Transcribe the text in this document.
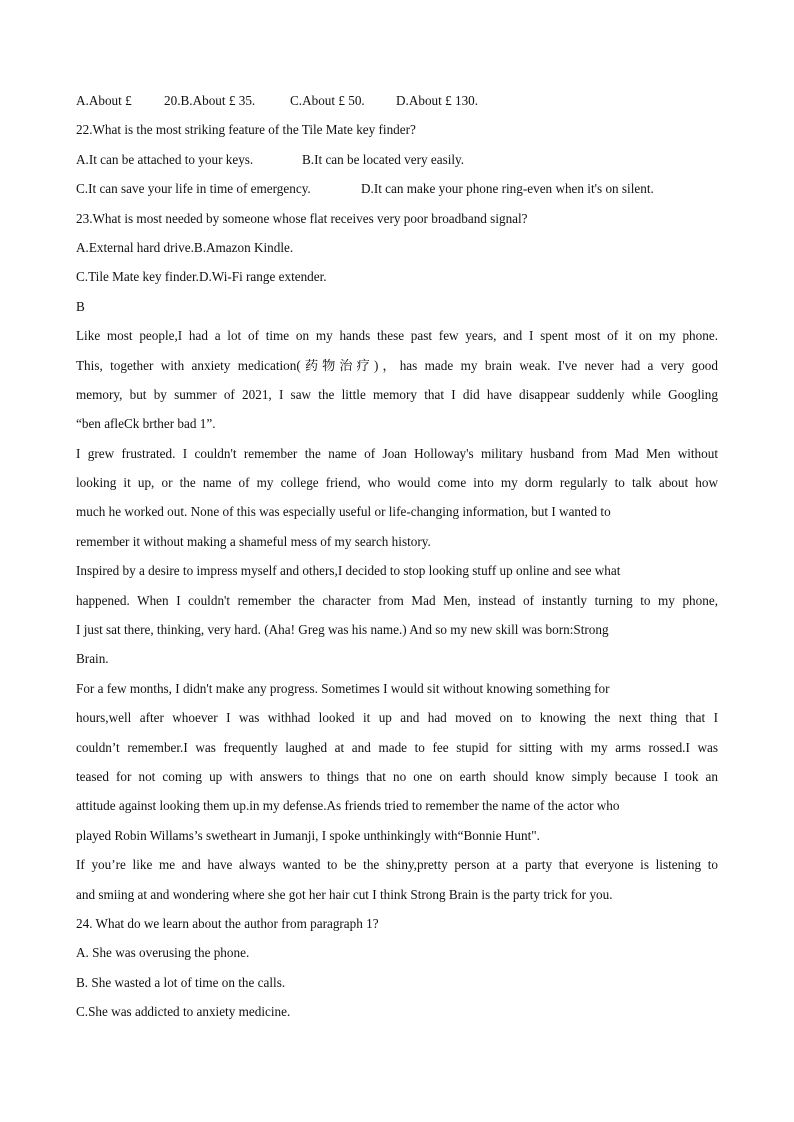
A.About £ 20.B.About £ 35.	C.About £ 50. D.About £ 130.
22.What is the most striking feature of the Tile Mate key finder?
A.It can be attached to your keys.	B.It can be located very easily.
C.It can save your life in time of emergency.	D.It can make your phone ring-even when it's on silent.
23.What is most needed by someone whose flat receives very poor broadband signal?
A.External hard drive.B.Amazon Kindle.
C.Tile Mate key finder.D.Wi-Fi range extender.
B
Like most people,I had a lot of time on my hands these past few years, and I spent most of it on my phone.
This, together with anxiety medication(药物治疗)，has made my brain weak. I've never had a very good
memory, but by summer of 2021, I saw the little memory that I did have disappear suddenly while Googling
“ben afleCk brther bad 1”.
I grew frustrated. I couldn't remember the name of Joan Holloway's military husband from Mad Men without
looking it up, or the name of my college friend, who would come into my dorm regularly to talk about how
much he worked out. None of this was especially useful or life-changing information, but I wanted to
remember it without making a shameful mess of my search history.
Inspired by a desire to impress myself and others,I decided to stop looking stuff up online and see what
happened. When I couldn't remember the character from Mad Men, instead of instantly turning to my phone,
I just sat there, thinking, very hard. (Aha! Greg was his name.) And so my new skill was born:Strong
Brain.
For a few months, I didn't make any progress. Sometimes I would sit without knowing something for
hours,well after whoever I was withhad looked it up and had moved on to knowing the next thing that I
couldn’t remember.I was frequently laughed at and made to fee stupid for sitting with my arms rossed.I was
teased for not coming up with answers to things that no one on earth should know simply because I took an
attitude against looking them up.in my defense.As friends tried to remember the name of the actor who
played Robin Willams’s swetheart in Jumanji, I spoke unthinkingly with“Bonnie Hunt".
If you’re like me and have always wanted to be the shiny,pretty person at a party that everyone is listening to
and smiing at and wondering where she got her hair cut I think Strong Brain is the party trick for you.
24. What do we learn about the author from paragraph 1?
A. She was overusing the phone.
B. She wasted a lot of time on the calls.
C.She was addicted to anxiety medicine.
